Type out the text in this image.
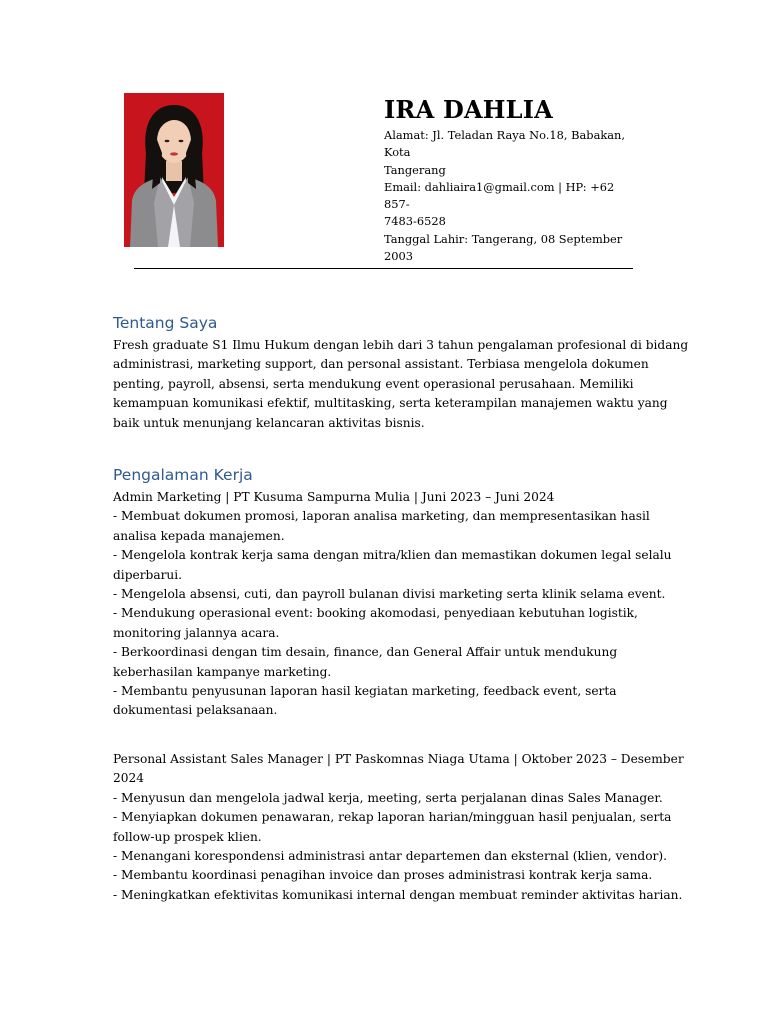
IRA DAHLIA
Alamat: Jl. Teladan Raya No.18, Babakan, Kota
Tangerang
Email: dahliaira1@gmail.com | HP: +62 857-
7483-6528
Tanggal Lahir: Tangerang, 08 September 2003
Tentang Saya
Fresh graduate S1 Ilmu Hukum dengan lebih dari 3 tahun pengalaman profesional di bidang
administrasi, marketing support, dan personal assistant. Terbiasa mengelola dokumen
penting, payroll, absensi, serta mendukung event operasional perusahaan. Memiliki
kemampuan komunikasi efektif, multitasking, serta keterampilan manajemen waktu yang
baik untuk menunjang kelancaran aktivitas bisnis.
Pengalaman Kerja
Admin Marketing | PT Kusuma Sampurna Mulia | Juni 2023 – Juni 2024
- Membuat dokumen promosi, laporan analisa marketing, dan mempresentasikan hasil
analisa kepada manajemen.
- Mengelola kontrak kerja sama dengan mitra/klien dan memastikan dokumen legal selalu
diperbarui.
- Mengelola absensi, cuti, dan payroll bulanan divisi marketing serta klinik selama event.
- Mendukung operasional event: booking akomodasi, penyediaan kebutuhan logistik,
monitoring jalannya acara.
- Berkoordinasi dengan tim desain, finance, dan General Affair untuk mendukung
keberhasilan kampanye marketing.
- Membantu penyusunan laporan hasil kegiatan marketing, feedback event, serta
dokumentasi pelaksanaan.
Personal Assistant Sales Manager | PT Paskomnas Niaga Utama | Oktober 2023 – Desember
2024
- Menyusun dan mengelola jadwal kerja, meeting, serta perjalanan dinas Sales Manager.
- Menyiapkan dokumen penawaran, rekap laporan harian/mingguan hasil penjualan, serta
follow-up prospek klien.
- Menangani korespondensi administrasi antar departemen dan eksternal (klien, vendor).
- Membantu koordinasi penagihan invoice dan proses administrasi kontrak kerja sama.
- Meningkatkan efektivitas komunikasi internal dengan membuat reminder aktivitas harian.
